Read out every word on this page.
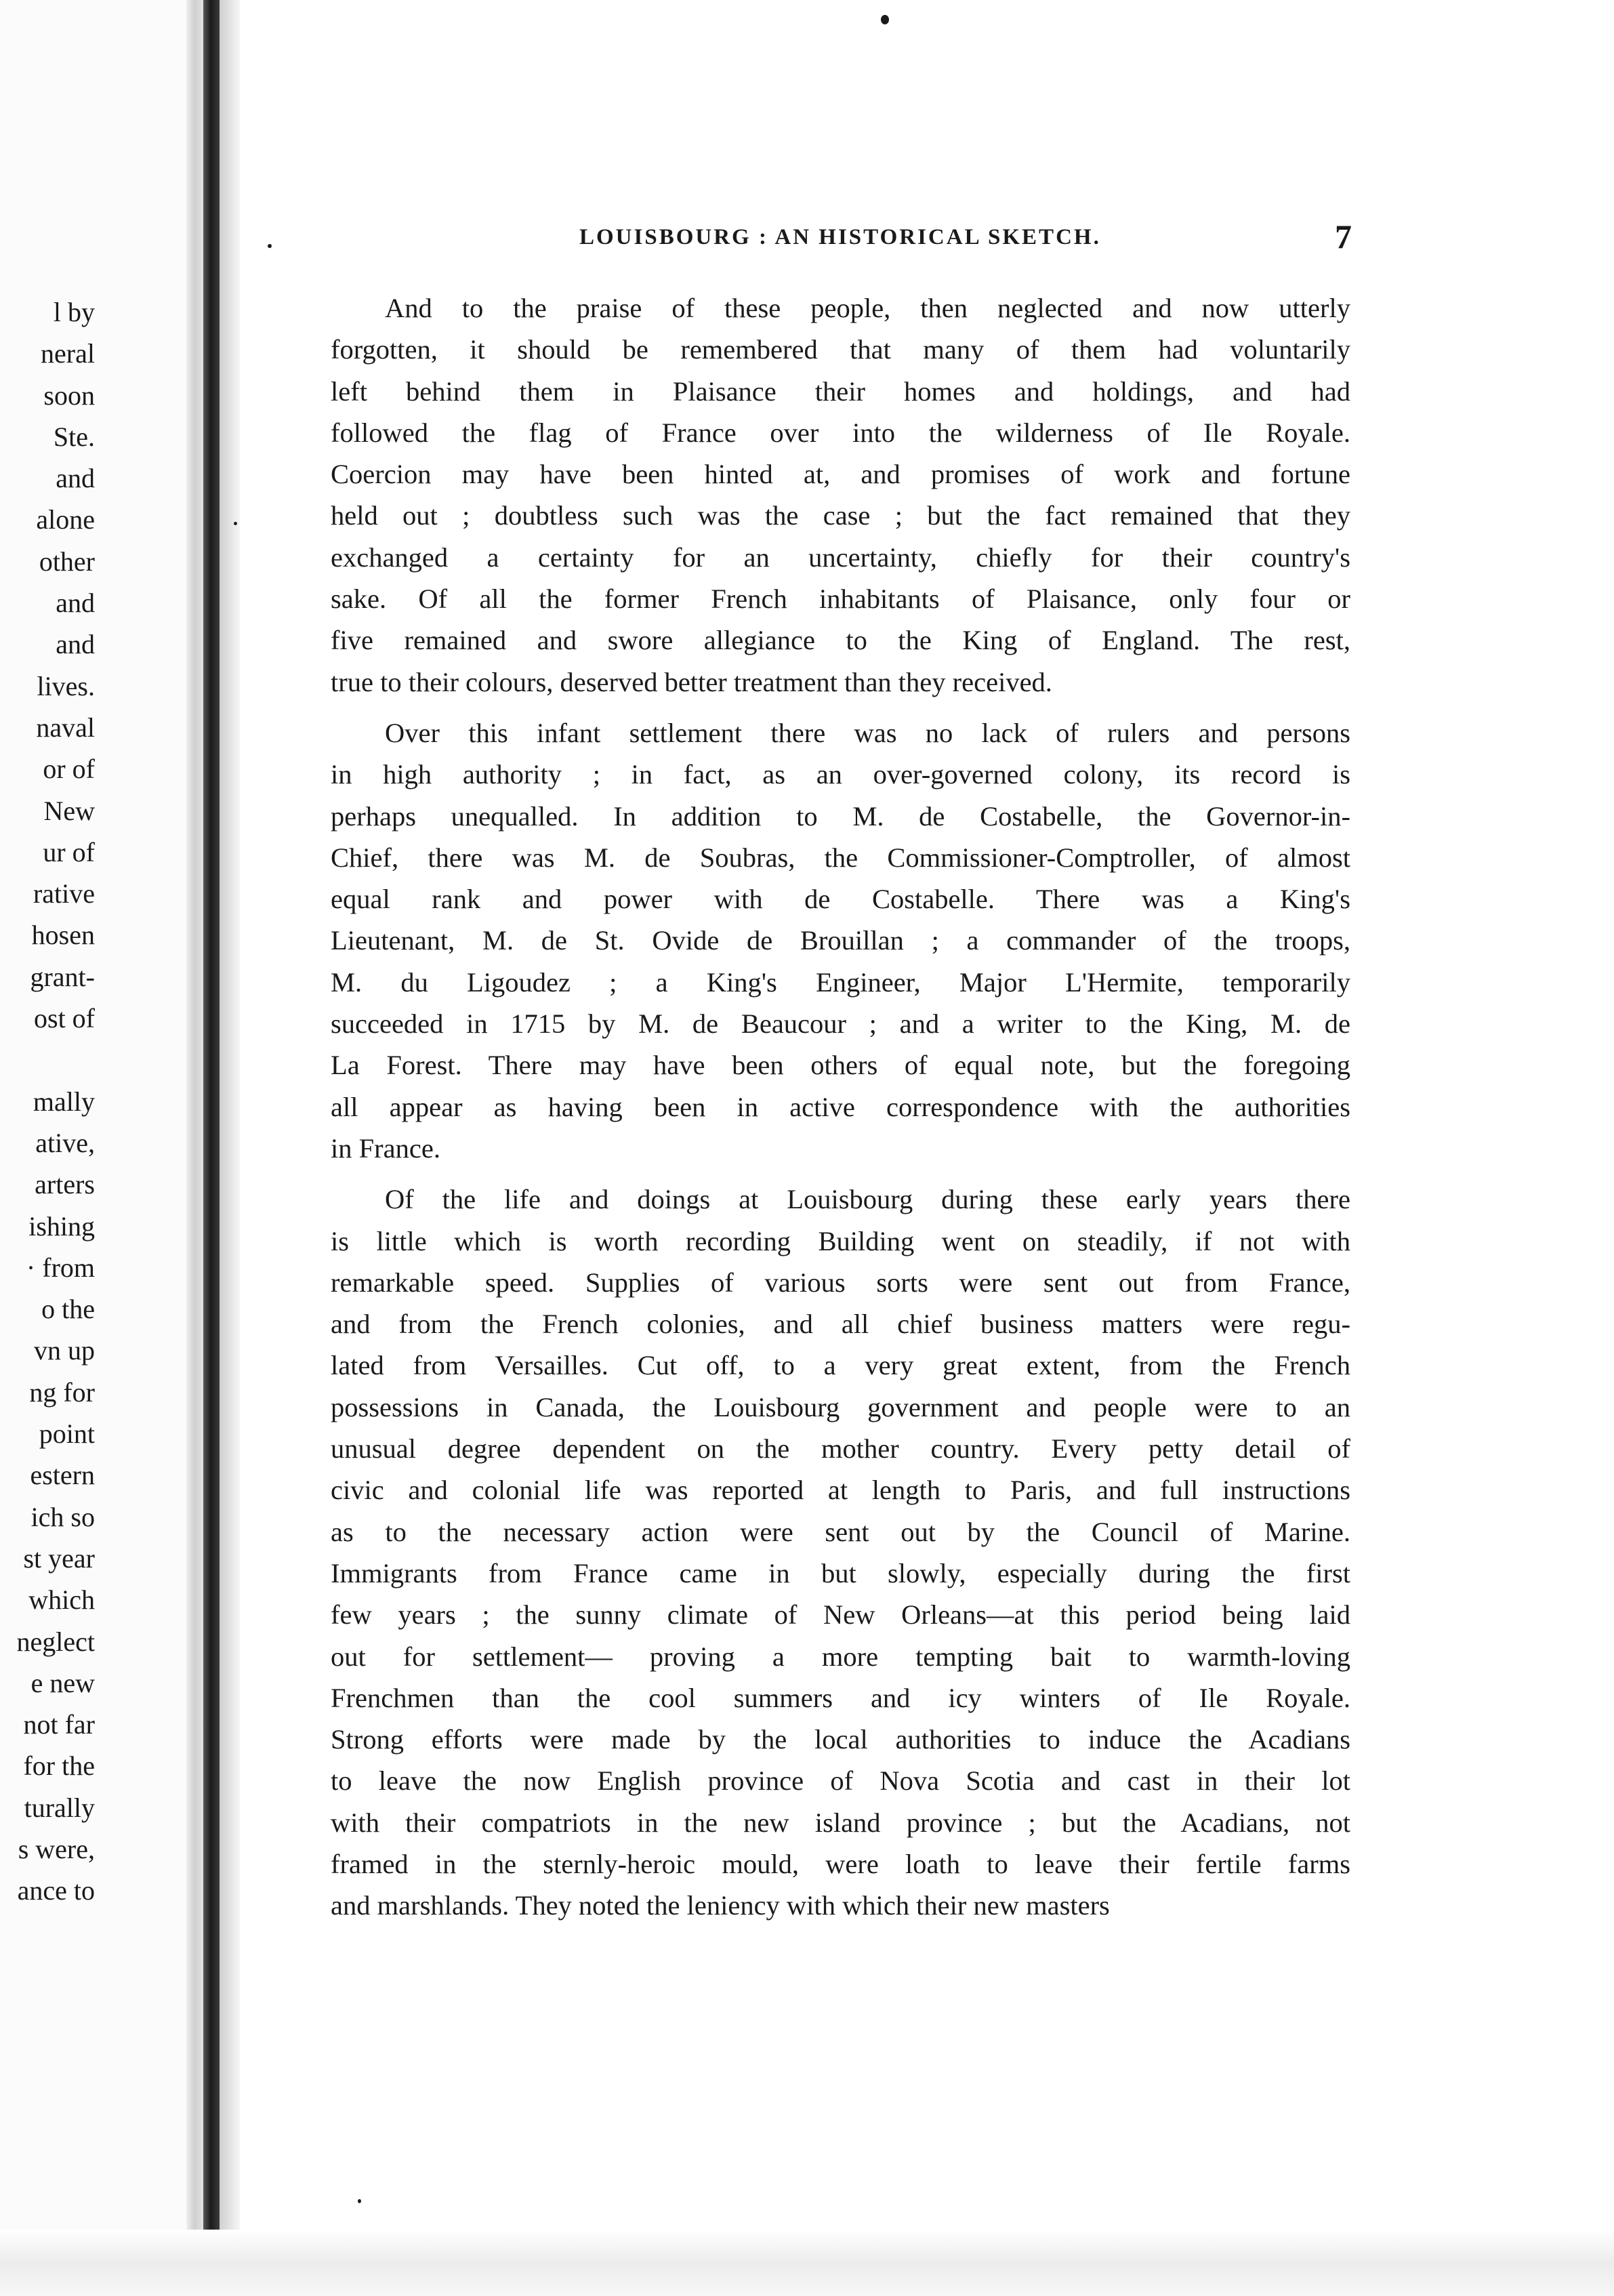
l by
neral
soon
Ste.
and
alone
other
and
and
lives.
naval
or of
New
ur of
rative
hosen
grant-
ost of
mally
ative,
arters
ishing
· from
o the
vn up
ng for
point
estern
ich so
st year
which
neglect
e new
not far
for the
turally
s were,
ance to
LOUISBOURG : AN HISTORICAL SKETCH.	7
And to the praise of these people, then neglected and now utterly
forgotten, it should be remembered that many of them had voluntarily
left behind them in Plaisance their homes and holdings, and had
followed the flag of France over into the wilderness of Ile Royale.
Coercion may have been hinted at, and promises of work and fortune
held out ; doubtless such was the case ; but the fact remained that they
exchanged a certainty for an uncertainty, chiefly for their country's
sake. Of all the former French inhabitants of Plaisance, only four or
five remained and swore allegiance to the King of England. The rest,
true to their colours, deserved better treatment than they received.
Over this infant settlement there was no lack of rulers and persons
in high authority ; in fact, as an over-governed colony, its record is
perhaps unequalled. In addition to M. de Costabelle, the Governor-in-
Chief, there was M. de Soubras, the Commissioner-Comptroller, of almost
equal rank and power with de Costabelle. There was a King's
Lieutenant, M. de St. Ovide de Brouillan ; a commander of the troops,
M. du Ligoudez ; a King's Engineer, Major L'Hermite, temporarily
succeeded in 1715 by M. de Beaucour ; and a writer to the King, M. de
La Forest. There may have been others of equal note, but the foregoing
all appear as having been in active correspondence with the authorities
in France.
Of the life and doings at Louisbourg during these early years there
is little which is worth recording Building went on steadily, if not with
remarkable speed. Supplies of various sorts were sent out from France,
and from the French colonies, and all chief business matters were regu-
lated from Versailles. Cut off, to a very great extent, from the French
possessions in Canada, the Louisbourg government and people were to an
unusual degree dependent on the mother country. Every petty detail of
civic and colonial life was reported at length to Paris, and full instructions
as to the necessary action were sent out by the Council of Marine.
Immigrants from France came in but slowly, especially during the first
few years ; the sunny climate of New Orleans—at this period being laid
out for settlement— proving a more tempting bait to warmth-loving
Frenchmen than the cool summers and icy winters of Ile Royale.
Strong efforts were made by the local authorities to induce the Acadians
to leave the now English province of Nova Scotia and cast in their lot
with their compatriots in the new island province ; but the Acadians, not
framed in the sternly-heroic mould, were loath to leave their fertile farms
and marshlands. They noted the leniency with which their new masters
